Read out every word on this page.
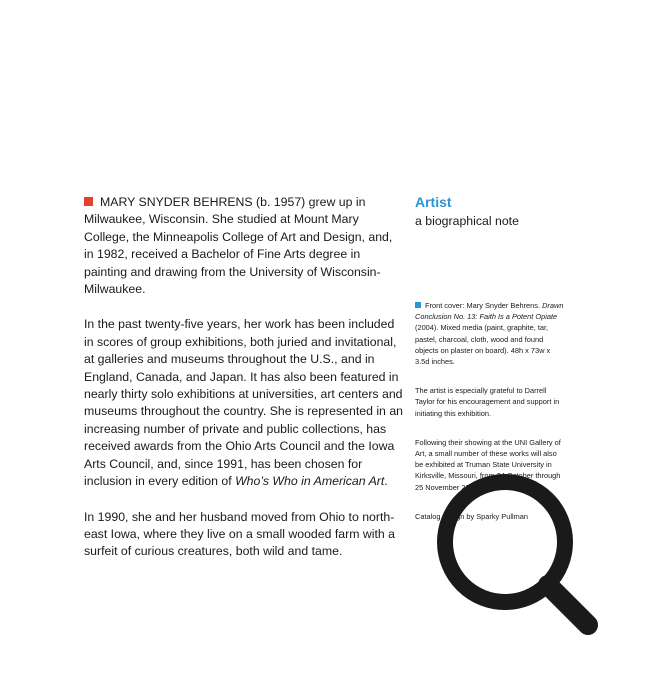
MARY SNYDER BEHRENS (b. 1957) grew up in Milwaukee, Wisconsin. She studied at Mount Mary College, the Minneapolis College of Art and Design, and, in 1982, received a Bachelor of Fine Arts degree in painting and drawing from the University of Wisconsin-Milwaukee.

In the past twenty-five years, her work has been included in scores of group exhibitions, both juried and invitational, at galleries and museums throughout the U.S., and in England, Canada, and Japan. It has also been featured in nearly thirty solo exhibitions at universities, art centers and museums throughout the country. She is represented in an increasing number of private and public collections, has received awards from the Ohio Arts Council and the Iowa Arts Council, and, since 1991, has been chosen for inclusion in every edition of Who’s Who in American Art.

In 1990, she and her husband moved from Ohio to north-east Iowa, where they live on a small wooded farm with a surfeit of curious creatures, both wild and tame.

Artist
a biographical note

Front cover: Mary Snyder Behrens. Drawn Conclusion No. 13: Faith Is a Potent Opiate (2004). Mixed media (paint, graphite, tar, pastel, charcoal, cloth, wood and found objects on plaster on board). 48h x 73w x 3.5d inches.

The artist is especially grateful to Darrell Taylor for his encouragement and support in initiating this exhibition.

Following their showing at the UNI Gallery of Art, a small number of these works will also be exhibited at Truman State University in Kirksville, Missouri, from 24 October through 25 November 2005.

Catalog design by Sparky Pullman
